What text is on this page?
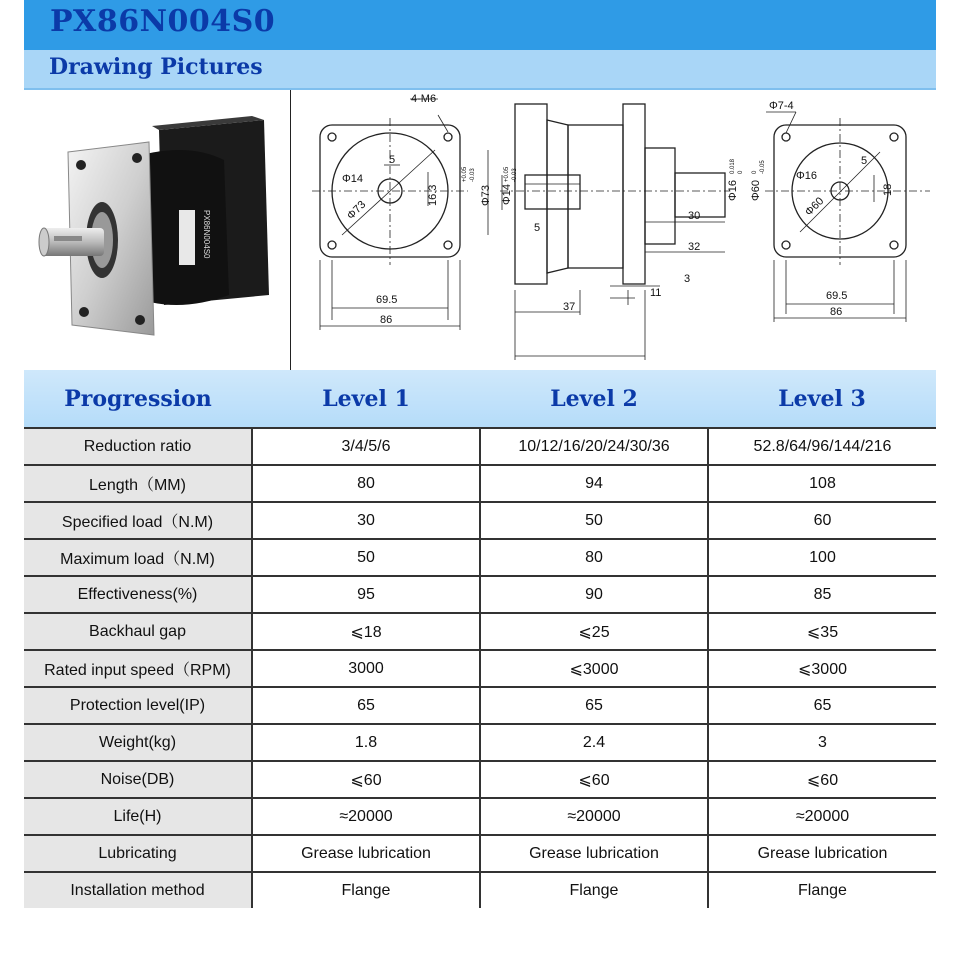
PX86N004S0
Drawing Pictures
PX86N004S0
4-M6
5
Φ14
Φ73
16.3
69.5
86
Φ73 Φ14
+0.05 -0.03	+0.05 -0.03
5
37
Φ16 Φ60
0.018 0 0 -0.05
30
32
3
11
Φ7-4
5
Φ16
Φ60
18
69.5
86
Progression	Level 1	Level 2	Level 3
Reduction ratio	3/4/5/6	10/12/16/20/24/30/36	52.8/64/96/144/216
Length（MM)	80	94	108
Specified load（N.M)	30	50	60
Maximum load（N.M)	50	80	100
Effectiveness(%)	95	90	85
Backhaul gap	⩽18	⩽25	⩽35
Rated input speed（RPM)	3000	⩽3000	⩽3000
Protection level(IP)	65	65	65
Weight(kg)	1.8	2.4	3
Noise(DB)	⩽60	⩽60	⩽60
Life(H)	≈20000	≈20000	≈20000
Lubricating	Grease lubrication	Grease lubrication	Grease lubrication
Installation method	Flange	Flange	Flange
